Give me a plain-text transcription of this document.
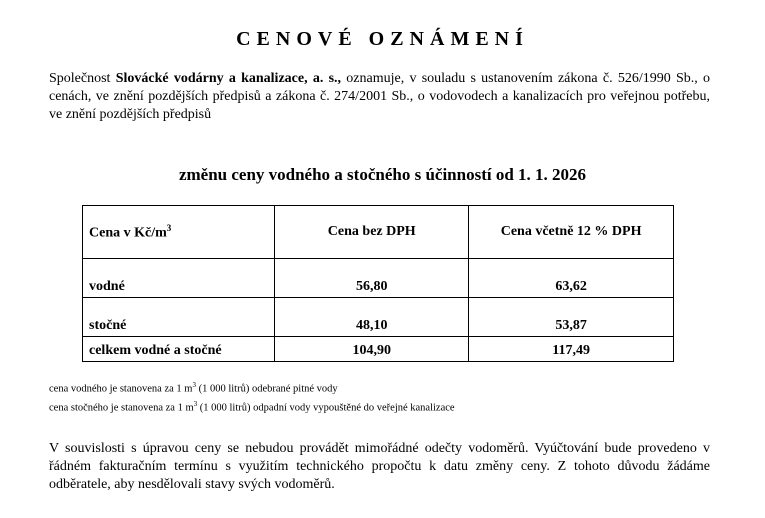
CENOVÉ OZNÁMENÍ

Společnost Slovácké vodárny a kanalizace, a. s., oznamuje, v souladu s ustanovením zákona č. 526/1990 Sb., o cenách, ve znění pozdějších předpisů a zákona č. 274/2001 Sb., o vodovodech a kanalizacích pro veřejnou potřebu, ve znění pozdějších předpisů

změnu ceny vodného a stočného s účinností od 1. 1. 2026
Cena v $Kč/m^3$	Cena bez DPH	Cena včetně 12 % DPH
vodné	56,80	63,62
stočné	48,10	53,87
celkem vodné a stočné	104,90	117,49
cena vodného je stanovena za 1 $m^3$ (1 000 litrů) odebrané pitné vody
cena stočného je stanovena za 1 $m^3$ (1 000 litrů) odpadní vody vypouštěné do veřejné kanalizace

V souvislosti s úpravou ceny se nebudou provádět mimořádné odečty vodoměrů. Vyúčtování bude provedeno v řádném fakturačním termínu s využitím technického propočtu k datu změny ceny. Z tohoto důvodu žádáme odběratele, aby nesdělovali stavy svých vodoměrů.
